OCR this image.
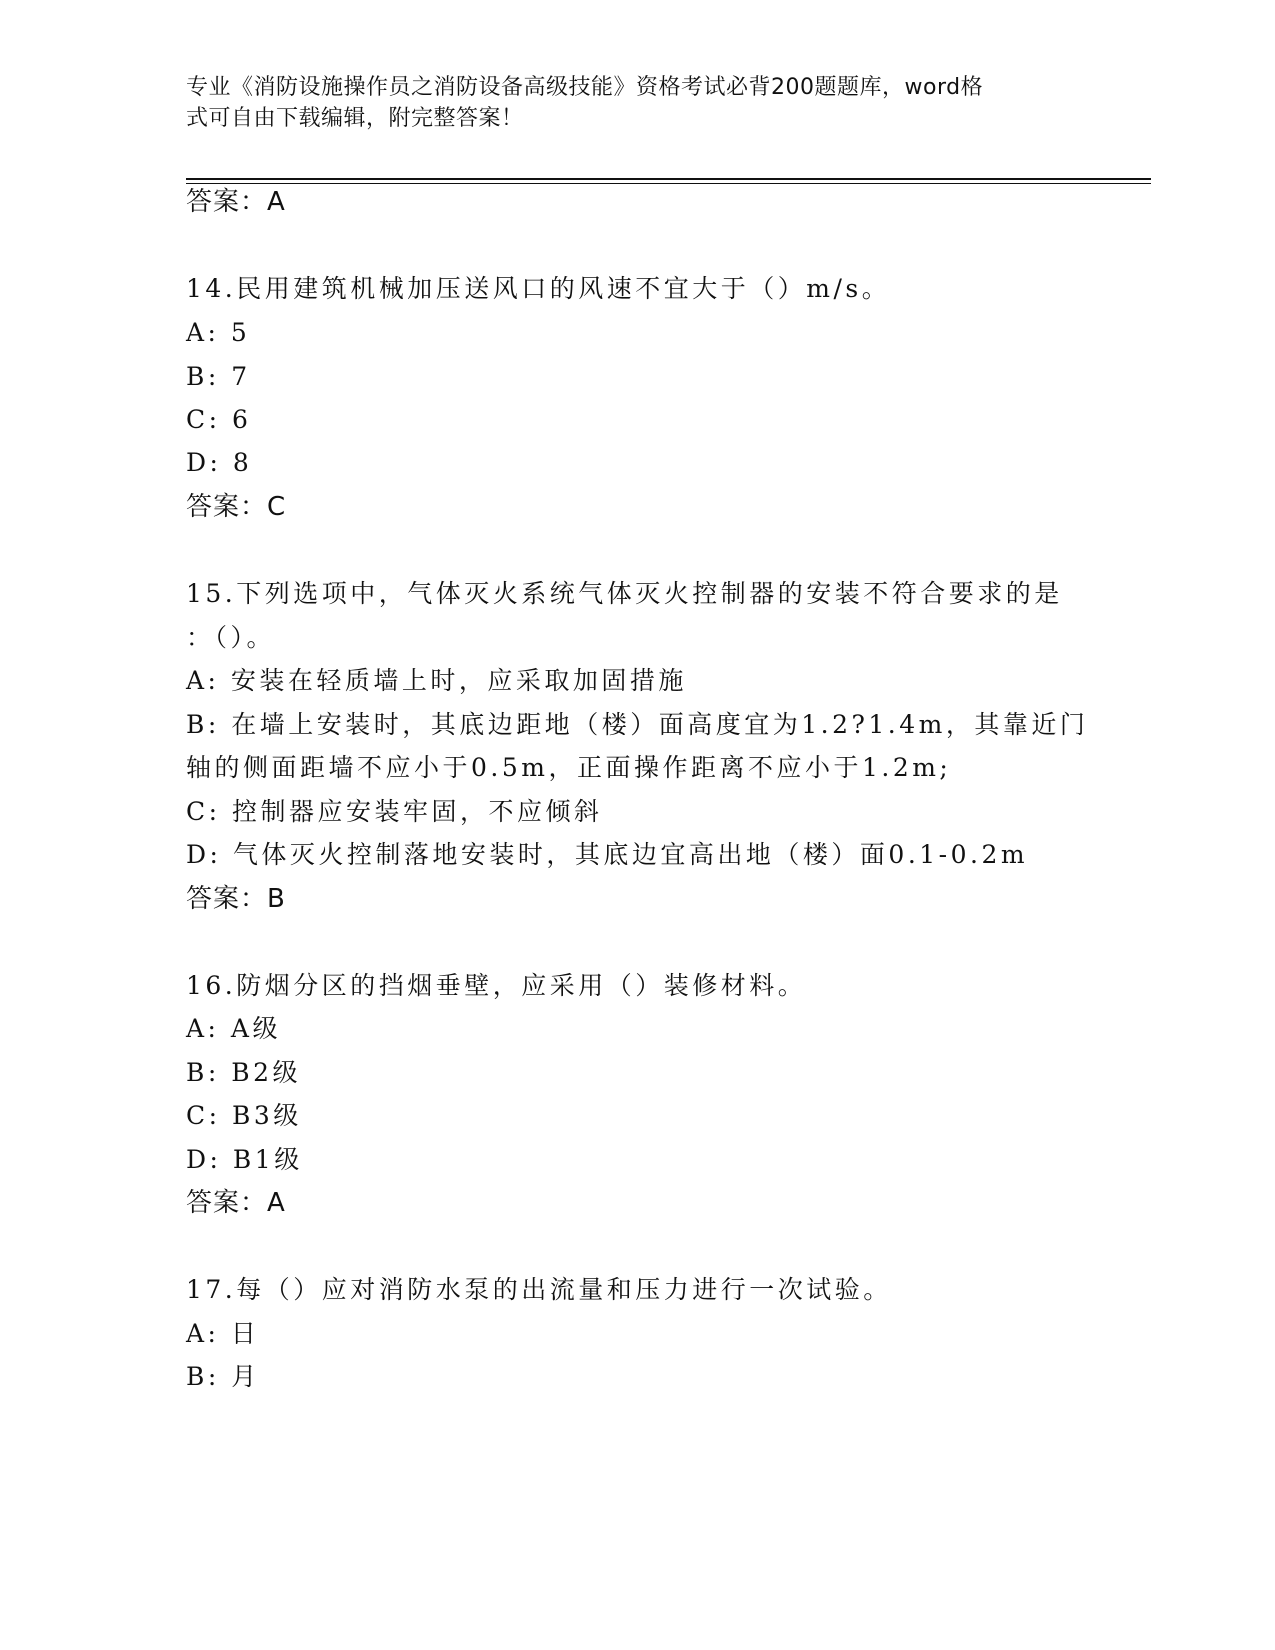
专业《消防设施操作员之消防设备高级技能》资格考试必背200题题库，word格
式可自由下载编辑，附完整答案！
答案：A
14.民用建筑机械加压送风口的风速不宜大于（）m/s。
A: 5
B: 7
C: 6
D: 8
答案：C
15.下列选项中，气体灭火系统气体灭火控制器的安装不符合要求的是
：（）。
A: 安装在轻质墙上时，应采取加固措施
B: 在墙上安装时，其底边距地（楼）面高度宜为1.2?1.4m，其靠近门
轴的侧面距墙不应小于0.5m，正面操作距离不应小于1.2m;
C: 控制器应安装牢固，不应倾斜
D: 气体灭火控制落地安装时，其底边宜高出地（楼）面0.1-0.2m
答案：B
16.防烟分区的挡烟垂壁，应采用（）装修材料。
A: A级
B: B2级
C: B3级
D: B1级
答案：A
17.每（）应对消防水泵的出流量和压力进行一次试验。
A: 日
B: 月
